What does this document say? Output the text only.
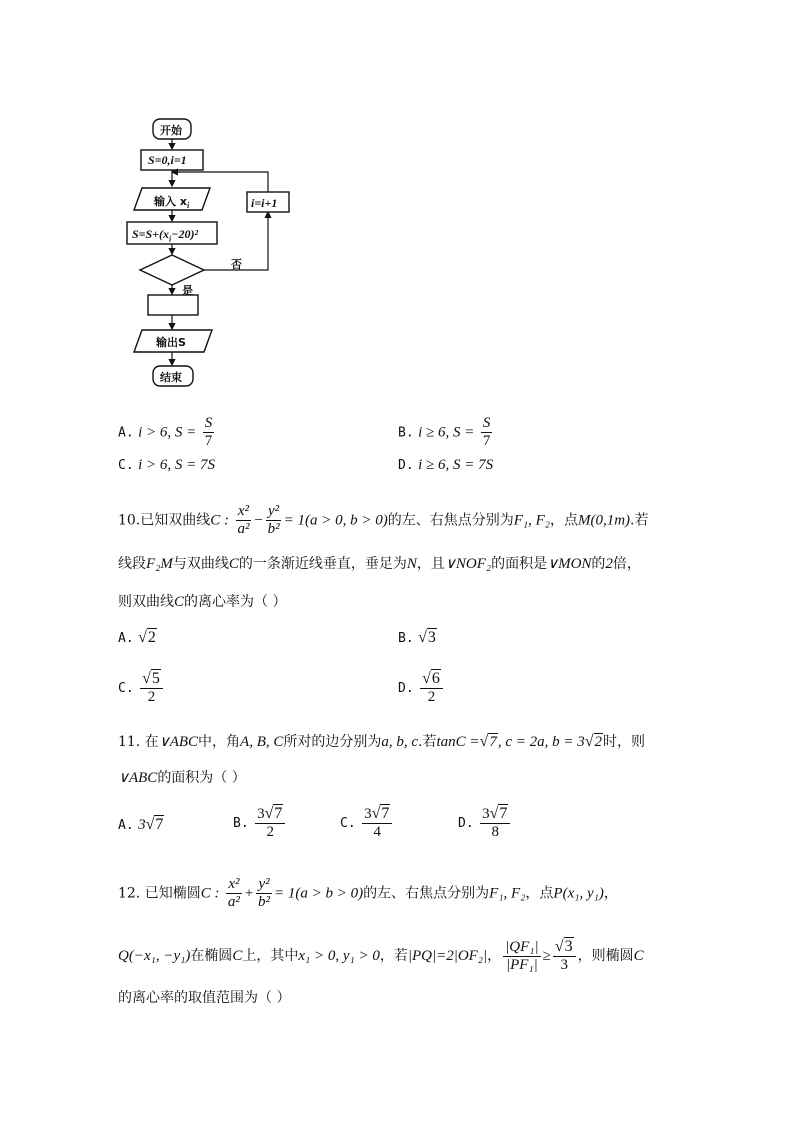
开始
S=0,i=1
输入 $x_i$
$S=S+(x_i-20)^2$
i=i+1
否
是
输出S
结束
A. i > 6, $S = \frac{S}{7}$	B. i ≥ 6, $S = \frac{S}{7}$
C. i > 6, S = 7S	D. i ≥ 6, S = 7S
10.已知双曲线C : $\frac{\text{x²}}{\text{a²}} - \frac{\text{y²}}{\text{b²}} = 1(a > 0$, b > 0)的左、右焦点分别为F₁, F₂，点M(0,1m).若
线段F₂M与双曲线C的一条渐近线垂直，垂足为N，且∨NOF₂的面积是∨MON的2倍，
则双曲线C的离心率为（ ）
A. √2	B. √3
C. $\frac{√5}{2}$	D. $\frac{√6}{2}$
11. 在∨ABC中，角A, B, C所对的边分别为a, b, c.若tanC =√7, c = 2a, b = 3√2时，则
∨ABC的面积为（ ）
A. 3√7	B. $\frac{3√7}{2}$	C. $\frac{3√7}{4}$	D. $\frac{3√7}{8}$
12. 已知椭圆C : $\frac{\text{x²}}{\text{a²}} + \frac{\text{y²}}{\text{b²}} = 1(a > b > 0)$的左、右焦点分别为F₁, F₂，点P(x₁, y₁)，
Q(−x₁, −y₁)在椭圆C上，其中x₁ > 0, y₁ > 0，若|PQ|=2|OF₂|， $\frac{\text{|QF₁|}}{\text{|PF₁|}} \ge \frac{√3}{3}$ ，则椭圆C
的离心率的取值范围为（ ）
